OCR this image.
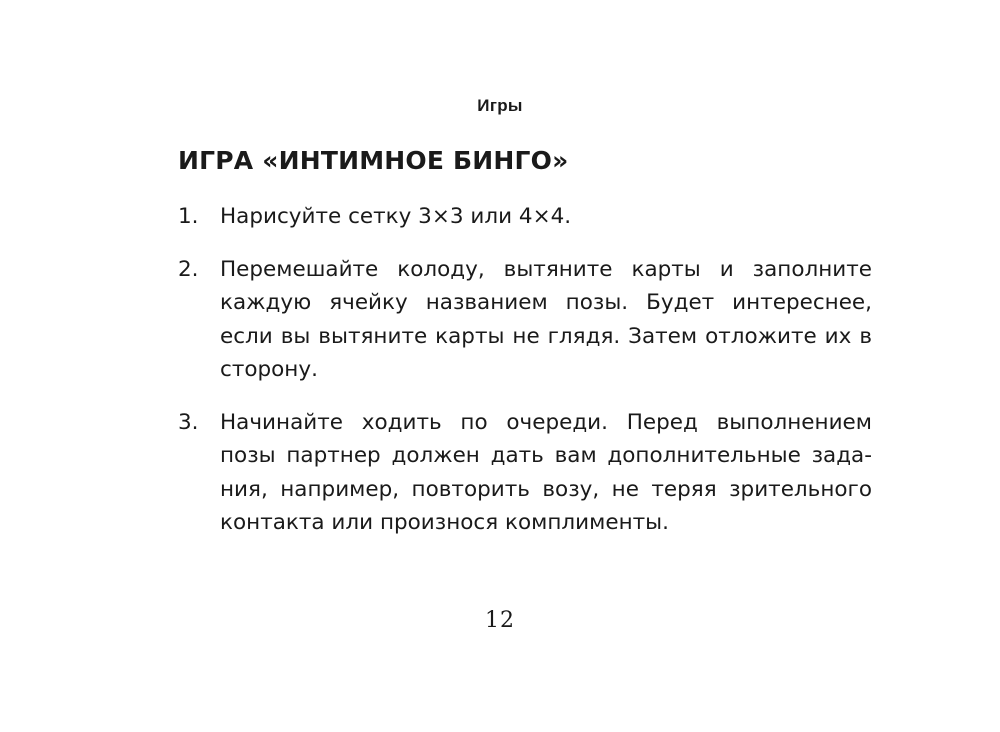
Игры
ИГРА «ИНТИМНОЕ БИНГО»
1. Нарисуйте сетку 3×3 или 4×4.
2. Перемешайте колоду, вытяните карты и заполните каждую ячейку названием позы. Будет интереснее, если вы вытяните карты не глядя. Затем отложите их в сторону.
3. Начинайте ходить по очереди. Перед выполнением позы партнер должен дать вам дополнительные задания, например, повторить возу, не теряя зрительного контакта или произнося комплименты.
12
